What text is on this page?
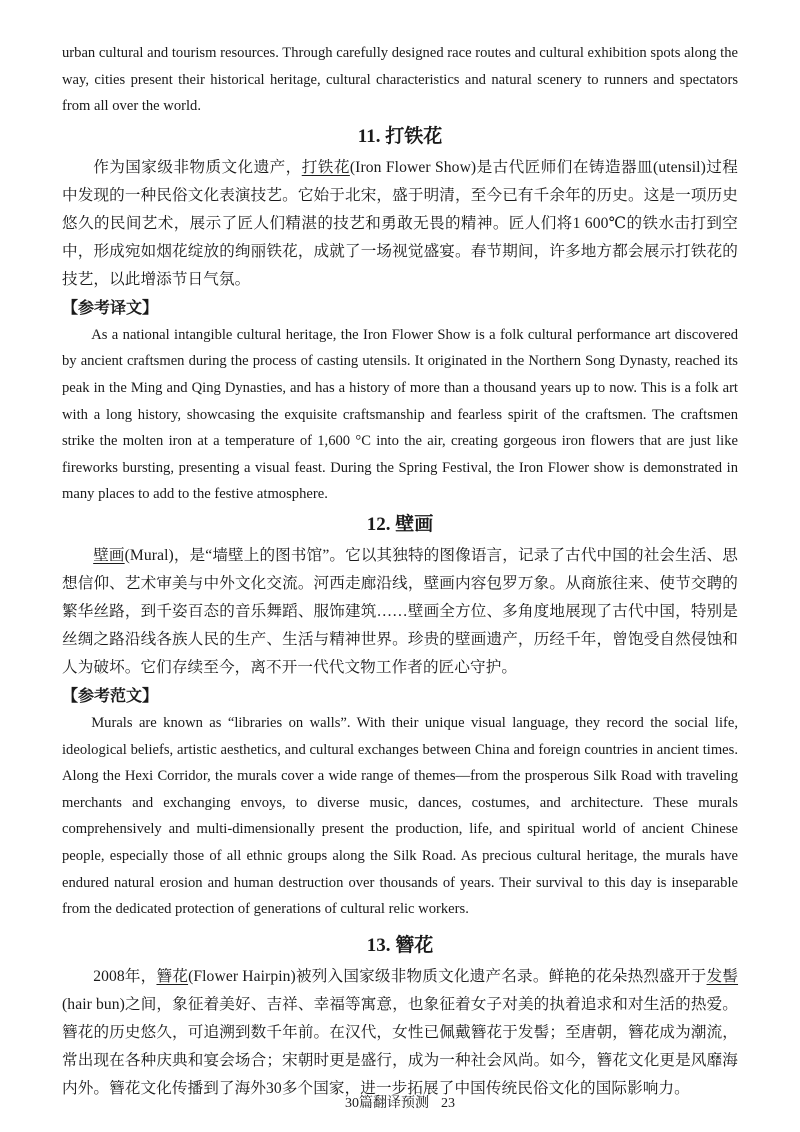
urban cultural and tourism resources. Through carefully designed race routes and cultural exhibition spots along the way, cities present their historical heritage, cultural characteristics and natural scenery to runners and spectators from all over the world.

11. 打铁花

作为国家级非物质文化遗产，打铁花(Iron Flower Show)是古代匠师们在铸造器皿(utensil)过程中发现的一种民俗文化表演技艺。它始于北宋，盛于明清，至今已有千余年的历史。这是一项历史悠久的民间艺术，展示了匠人们精湛的技艺和勇敢无畏的精神。匠人们将1 600℃的铁水击打到空中，形成宛如烟花绽放的绚丽铁花，成就了一场视觉盛宴。春节期间，许多地方都会展示打铁花的技艺，以此增添节日气氛。

【参考译文】

As a national intangible cultural heritage, the Iron Flower Show is a folk cultural performance art discovered by ancient craftsmen during the process of casting utensils. It originated in the Northern Song Dynasty, reached its peak in the Ming and Qing Dynasties, and has a history of more than a thousand years up to now. This is a folk art with a long history, showcasing the exquisite craftsmanship and fearless spirit of the craftsmen. The craftsmen strike the molten iron at a temperature of 1,600 °C into the air, creating gorgeous iron flowers that are just like fireworks bursting, presenting a visual feast. During the Spring Festival, the Iron Flower show is demonstrated in many places to add to the festive atmosphere.

12. 壁画

壁画(Mural)，是“墙壁上的图书馆”。它以其独特的图像语言，记录了古代中国的社会生活、思想信仰、艺术审美与中外文化交流。河西走廊沿线，壁画内容包罗万象。从商旅往来、使节交聘的繁华丝路，到千姿百态的音乐舞蹈、服饰建筑……壁画全方位、多角度地展现了古代中国，特别是丝绸之路沿线各族人民的生产、生活与精神世界。珍贵的壁画遗产，历经千年，曾饱受自然侵蚀和人为破坏。它们存续至今，离不开一代代文物工作者的匠心守护。

【参考范文】

Murals are known as “libraries on walls”. With their unique visual language, they record the social life, ideological beliefs, artistic aesthetics, and cultural exchanges between China and foreign countries in ancient times. Along the Hexi Corridor, the murals cover a wide range of themes—from the prosperous Silk Road with traveling merchants and exchanging envoys, to diverse music, dances, costumes, and architecture. These murals comprehensively and multi-dimensionally present the production, life, and spiritual world of ancient Chinese people, especially those of all ethnic groups along the Silk Road. As precious cultural heritage, the murals have endured natural erosion and human destruction over thousands of years. Their survival to this day is inseparable from the dedicated protection of generations of cultural relic workers.

13. 簪花

2008年，簪花(Flower Hairpin)被列入国家级非物质文化遗产名录。鲜艳的花朵热烈盛开于发髻(hair bun)之间，象征着美好、吉祥、幸福等寓意，也象征着女子对美的执着追求和对生活的热爱。簪花的历史悠久，可追溯到数千年前。在汉代，女性已佩戴簪花于发髻；至唐朝，簪花成为潮流，常出现在各种庆典和宴会场合；宋朝时更是盛行，成为一种社会风尚。如今，簪花文化更是风靡海内外。簪花文化传播到了海外30多个国家，进一步拓展了中国传统民俗文化的国际影响力。

30篇翻译预测 23
